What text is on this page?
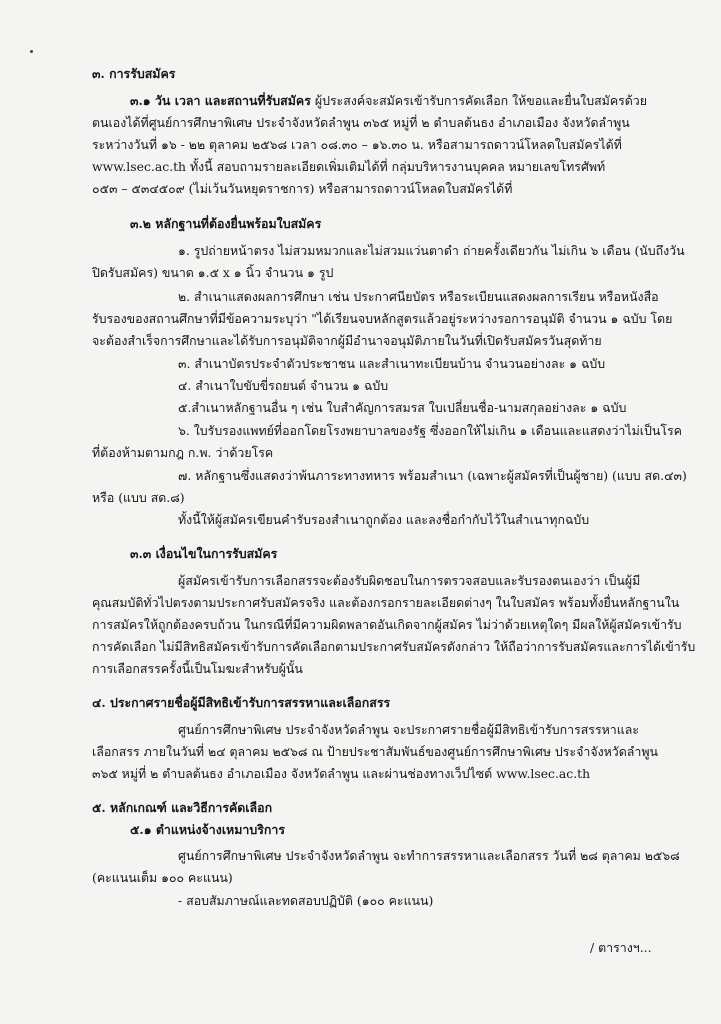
๓. การรับสมัคร
๓.๑ วัน เวลา และสถานที่รับสมัคร ผู้ประสงค์จะสมัครเข้ารับการคัดเลือก ให้ขอและยื่นใบสมัครด้วย
ตนเองได้ที่ศูนย์การศึกษาพิเศษ ประจำจังหวัดลำพูน ๓๖๕ หมู่ที่ ๒ ตำบลต้นธง อำเภอเมือง จังหวัดลำพูน
ระหว่างวันที่ ๑๖ - ๒๒ ตุลาคม ๒๕๖๘ เวลา ๐๘.๓๐ – ๑๖.๓๐ น. หรือสามารถดาวน์โหลดใบสมัครได้ที่
www.lsec.ac.th ทั้งนี้ สอบถามรายละเอียดเพิ่มเติมได้ที่ กลุ่มบริหารงานบุคคล หมายเลขโทรศัพท์
๐๕๓ – ๕๓๔๕๐๙ (ไม่เว้นวันหยุดราชการ) หรือสามารถดาวน์โหลดใบสมัครได้ที่
๓.๒ หลักฐานที่ต้องยื่นพร้อมใบสมัคร
๑. รูปถ่ายหน้าตรง ไม่สวมหมวกและไม่สวมแว่นตาดำ ถ่ายครั้งเดียวกัน ไม่เกิน ๖ เดือน (นับถึงวัน
ปิดรับสมัคร) ขนาด ๑.๕ x ๑ นิ้ว จำนวน ๑ รูป
๒. สำเนาแสดงผลการศึกษา เช่น ประกาศนียบัตร หรือระเบียนแสดงผลการเรียน หรือหนังสือ
รับรองของสถานศึกษาที่มีข้อความระบุว่า "ได้เรียนจบหลักสูตรแล้วอยู่ระหว่างรอการอนุมัติ จำนวน ๑ ฉบับ โดย
จะต้องสำเร็จการศึกษาและได้รับการอนุมัติจากผู้มีอำนาจอนุมัติภายในวันที่เปิดรับสมัครวันสุดท้าย
๓. สำเนาบัตรประจำตัวประชาชน และสำเนาทะเบียนบ้าน จำนวนอย่างละ ๑ ฉบับ
๔. สำเนาใบขับขี่รถยนต์ จำนวน ๑ ฉบับ
๕.สำเนาหลักฐานอื่น ๆ เช่น ใบสำคัญการสมรส ใบเปลี่ยนชื่อ-นามสกุลอย่างละ ๑ ฉบับ
๖. ใบรับรองแพทย์ที่ออกโดยโรงพยาบาลของรัฐ ซึ่งออกให้ไม่เกิน ๑ เดือนและแสดงว่าไม่เป็นโรค
ที่ต้องห้ามตามกฎ ก.พ. ว่าด้วยโรค
๗. หลักฐานซึ่งแสดงว่าพ้นภาระทางทหาร พร้อมสำเนา (เฉพาะผู้สมัครที่เป็นผู้ชาย) (แบบ สด.๔๓)
หรือ (แบบ สด.๘)
ทั้งนี้ให้ผู้สมัครเขียนคำรับรองสำเนาถูกต้อง และลงชื่อกำกับไว้ในสำเนาทุกฉบับ
๓.๓ เงื่อนไขในการรับสมัคร
ผู้สมัครเข้ารับการเลือกสรรจะต้องรับผิดชอบในการตรวจสอบและรับรองตนเองว่า เป็นผู้มี
คุณสมบัติทั่วไปตรงตามประกาศรับสมัครจริง และต้องกรอกรายละเอียดต่างๆ ในใบสมัคร พร้อมทั้งยื่นหลักฐานใน
การสมัครให้ถูกต้องครบถ้วน ในกรณีที่มีความผิดพลาดอันเกิดจากผู้สมัคร ไม่ว่าด้วยเหตุใดๆ มีผลให้ผู้สมัครเข้ารับ
การคัดเลือก ไม่มีสิทธิสมัครเข้ารับการคัดเลือกตามประกาศรับสมัครดังกล่าว ให้ถือว่าการรับสมัครและการได้เข้ารับ
การเลือกสรรครั้งนี้เป็นโมฆะสำหรับผู้นั้น
๔. ประกาศรายชื่อผู้มีสิทธิเข้ารับการสรรหาและเลือกสรร
ศูนย์การศึกษาพิเศษ ประจำจังหวัดลำพูน จะประกาศรายชื่อผู้มีสิทธิเข้ารับการสรรหาและ
เลือกสรร ภายในวันที่ ๒๔ ตุลาคม ๒๕๖๘ ณ ป้ายประชาสัมพันธ์ของศูนย์การศึกษาพิเศษ ประจำจังหวัดลำพูน
๓๖๕ หมู่ที่ ๒ ตำบลต้นธง อำเภอเมือง จังหวัดลำพูน และผ่านช่องทางเว็ปไซต์ www.lsec.ac.th
๕. หลักเกณฑ์ และวิธีการคัดเลือก
๕.๑ ตำแหน่งจ้างเหมาบริการ
ศูนย์การศึกษาพิเศษ ประจำจังหวัดลำพูน จะทำการสรรหาและเลือกสรร วันที่ ๒๘ ตุลาคม ๒๕๖๘
(คะแนนเต็ม ๑๐๐ คะแนน)
- สอบสัมภาษณ์และทดสอบปฏิบัติ (๑๐๐ คะแนน)
/ ตารางฯ...
